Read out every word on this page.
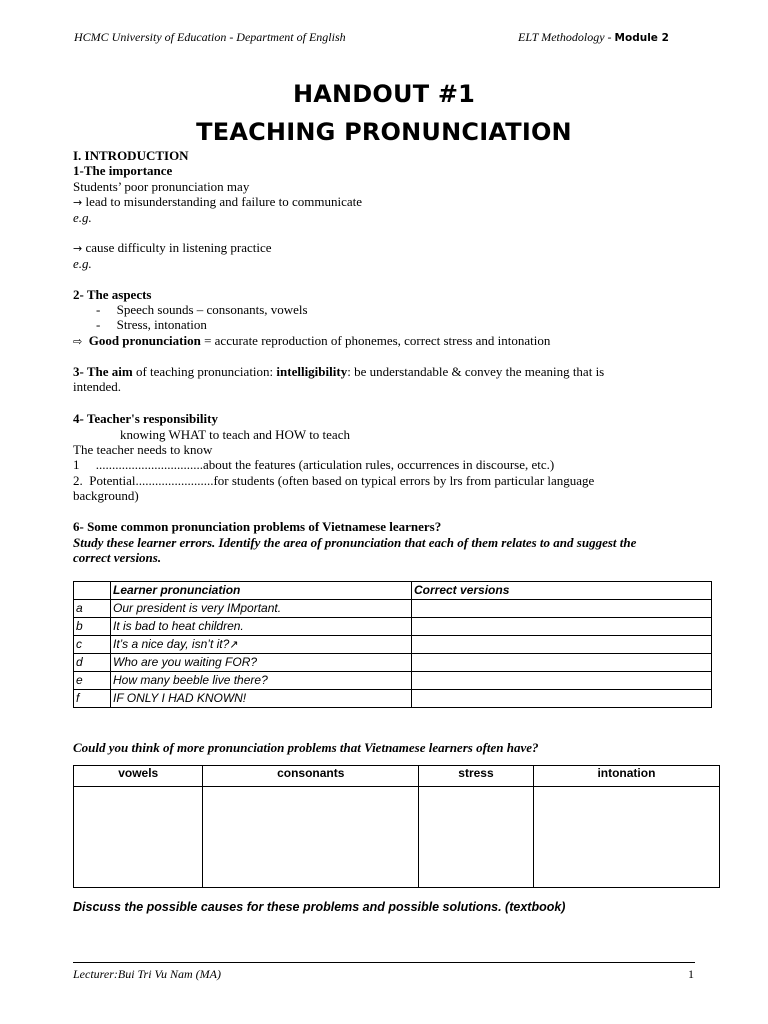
HCMC University of Education - Department of English	ELT Methodology - Module 2
HANDOUT #1
TEACHING PRONUNCIATION
I. INTRODUCTION
1-The importance
Students’ poor pronunciation may
→ lead to misunderstanding and failure to communicate
e.g.
→ cause difficulty in listening practice
e.g.
2- The aspects
-     Speech sounds – consonants, vowels
-     Stress, intonation
⇨ Good pronunciation = accurate reproduction of phonemes, correct stress and intonation
3- The aim of teaching pronunciation: intelligibility: be understandable & convey the meaning that is
intended.
4- Teacher's responsibility
knowing WHAT to teach and HOW to teach
The teacher needs to know
1     .................................about the features (articulation rules, occurrences in discourse, etc.)
2.  Potential........................for students (often based on typical errors by lrs from particular language
background)
6- Some common pronunciation problems of Vietnamese learners?
Study these learner errors. Identify the area of pronunciation that each of them relates to and suggest the
correct versions.
	Learner pronunciation	Correct versions
a	Our president is very IMportant.	
b	It is bad to heat children.	
c	It’s a nice day, isn’t it?↗	
d	Who are you waiting FOR?	
e	How many beeble live there?	
f	IF ONLY I HAD KNOWN!	
Could you think of more pronunciation problems that Vietnamese learners often have?
vowels	consonants	stress	intonation

Discuss the possible causes for these problems and possible solutions. (textbook)
Lecturer:Bui Tri Vu Nam (MA)	1
